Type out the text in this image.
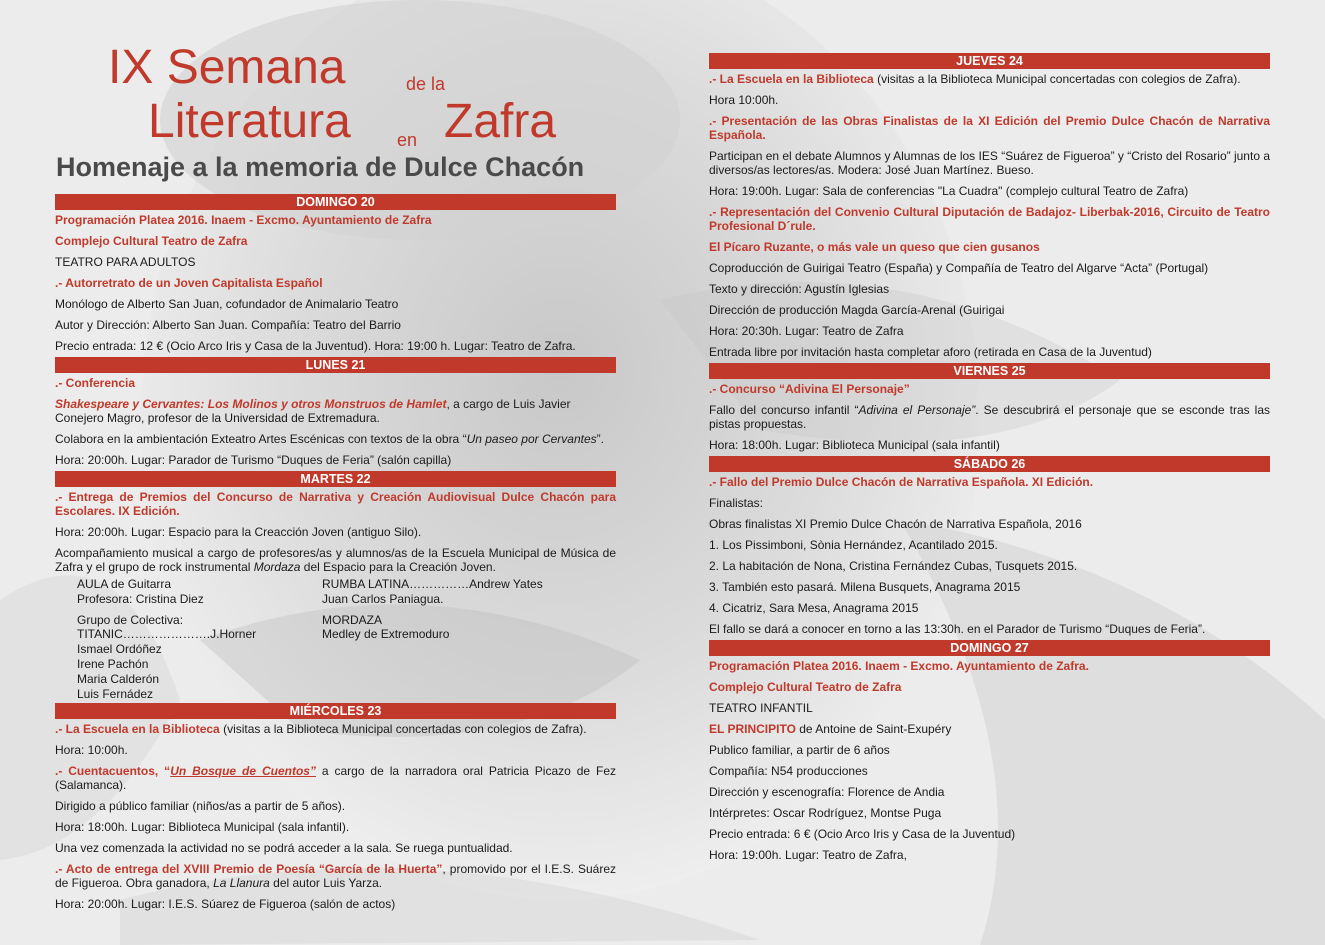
IX Semana	de la
Literatura	en Zafra
Homenaje a la memoria de Dulce Chacón
DOMINGO 20
Programación Platea 2016. Inaem - Excmo. Ayuntamiento de Zafra
Complejo Cultural Teatro de Zafra
TEATRO PARA ADULTOS
.- Autorretrato de un Joven Capitalista Español
Monólogo de Alberto San Juan, cofundador de Animalario Teatro
Autor y Dirección: Alberto San Juan. Compañía: Teatro del Barrio
Precio entrada: 12 € (Ocio Arco Iris y Casa de la Juventud). Hora: 19:00 h. Lugar: Teatro de Zafra.
LUNES 21
.- Conferencia
Shakespeare y Cervantes: Los Molinos y otros Monstruos de Hamlet, a cargo de Luis Javier Conejero Magro, profesor de la Universidad de Extremadura.
Colabora en la ambientación Exteatro Artes Escénicas con textos de la obra “Un paseo por Cervantes”.
Hora: 20:00h. Lugar: Parador de Turismo “Duques de Feria” (salón capilla)
MARTES 22
.- Entrega de Premios del Concurso de Narrativa y Creación Audiovisual Dulce Chacón para Escolares. IX Edición.
Hora: 20:00h. Lugar: Espacio para la Creacción Joven (antiguo Silo).
Acompañamiento musical a cargo de profesores/as y alumnos/as de la Escuela Municipal de Música de Zafra y el grupo de rock instrumental Mordaza del Espacio para la Creación Joven.
AULA de Guitarra
Profesora: Cristina Diez
Grupo de Colectiva:
TITANIC………………….J.Horner
Ismael Ordóñez
Irene Pachón
Maria Calderón
Luis Fernádez
RUMBA LATINA……………Andrew Yates
Juan Carlos Paniagua.
MORDAZA
Medley de Extremoduro
MIÉRCOLES 23
.- La Escuela en la Biblioteca (visitas a la Biblioteca Municipal concertadas con colegios de Zafra).
Hora: 10:00h.
.- Cuentacuentos, “Un Bosque de Cuentos” a cargo de la narradora oral Patricia Picazo de Fez (Salamanca).
Dirigido a público familiar (niños/as a partir de 5 años).
Hora: 18:00h. Lugar: Biblioteca Municipal (sala infantil).
Una vez comenzada la actividad no se podrá acceder a la sala. Se ruega puntualidad.
.- Acto de entrega del XVIII Premio de Poesía “García de la Huerta”, promovido por el I.E.S. Suárez de Figueroa. Obra ganadora, La Llanura del autor Luis Yarza.
Hora: 20:00h. Lugar: I.E.S. Súarez de Figueroa (salón de actos)
JUEVES 24
.- La Escuela en la Biblioteca (visitas a la Biblioteca Municipal concertadas con colegios de Zafra).
Hora 10:00h.
.- Presentación de las Obras Finalistas de la XI Edición del Premio Dulce Chacón de Narrativa Española.
Participan en el debate Alumnos y Alumnas de los IES “Suárez de Figueroa” y “Cristo del Rosario” junto a diversos/as lectores/as. Modera: José Juan Martínez. Bueso.
Hora: 19:00h. Lugar: Sala de conferencias "La Cuadra" (complejo cultural Teatro de Zafra)
.- Representación del Convenio Cultural Diputación de Badajoz- Liberbak-2016, Circuito de Teatro Profesional D´rule.
El Pícaro Ruzante, o más vale un queso que cien gusanos
Coproducción de Guirigai Teatro (España) y Compañía de Teatro del Algarve “Acta” (Portugal)
Texto y dirección: Agustín Iglesias
Dirección de producción Magda García-Arenal (Guirigai
Hora: 20:30h. Lugar: Teatro de Zafra
Entrada libre por invitación hasta completar aforo (retirada en Casa de la Juventud)
VIERNES 25
.- Concurso “Adivina El Personaje”
Fallo del concurso infantil “Adivina el Personaje”. Se descubrirá el personaje que se esconde tras las pistas propuestas.
Hora: 18:00h. Lugar: Biblioteca Municipal (sala infantil)
SÁBADO 26
.- Fallo del Premio Dulce Chacón de Narrativa Española. XI Edición.
Finalistas:
Obras finalistas XI Premio Dulce Chacón de Narrativa Española, 2016
1. Los Pissimboni, Sònia Hernández, Acantilado 2015.
2. La habitación de Nona, Cristina Fernández Cubas, Tusquets 2015.
3. También esto pasará. Milena Busquets, Anagrama 2015
4. Cicatriz, Sara Mesa, Anagrama 2015
El fallo se dará a conocer en torno a las 13:30h. en el Parador de Turismo “Duques de Feria”.
DOMINGO 27
Programación Platea 2016. Inaem - Excmo. Ayuntamiento de Zafra.
Complejo Cultural Teatro de Zafra
TEATRO INFANTIL
EL PRINCIPITO de Antoine de Saint-Exupéry
Publico familiar, a partir de 6 años
Compañía: N54 producciones
Dirección y escenografía: Florence de Andia
Intérpretes: Oscar Rodríguez, Montse Puga
Precio entrada: 6 € (Ocio Arco Iris y Casa de la Juventud)
Hora: 19:00h. Lugar: Teatro de Zafra,
